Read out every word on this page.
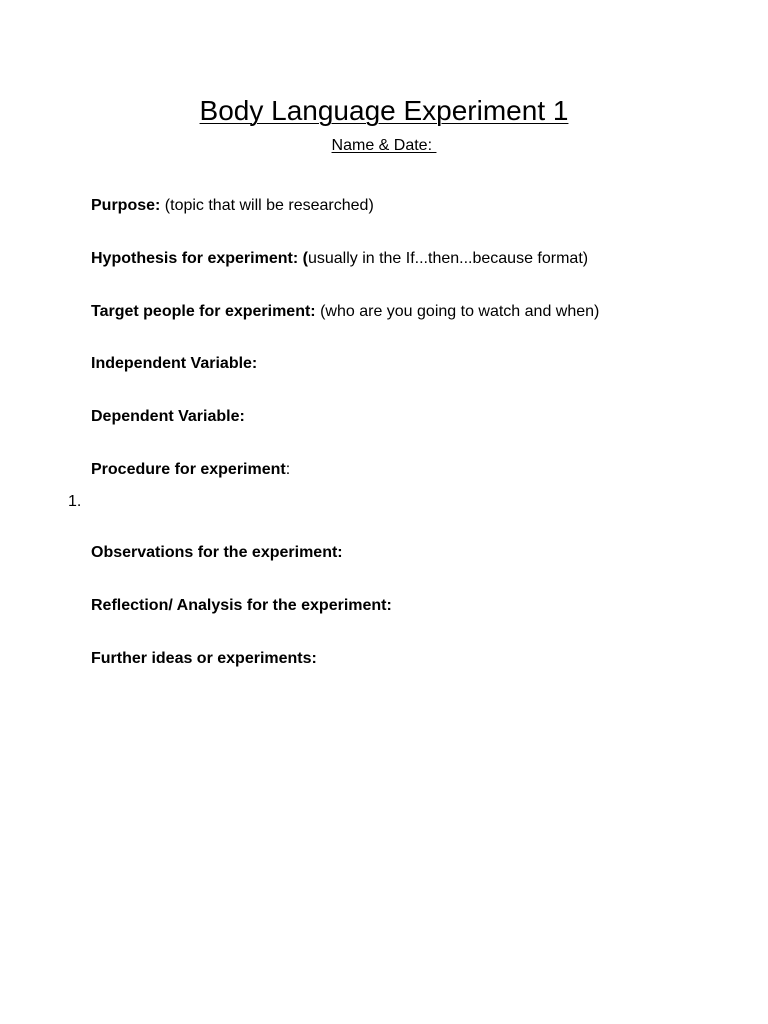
Body Language Experiment 1
Name & Date:
Purpose: (topic that will be researched)
Hypothesis for experiment: (usually in the If...then...because format)
Target people for experiment: (who are you going to watch and when)
Independent Variable:
Dependent Variable:
Procedure for experiment:
1.
Observations for the experiment:
Reflection/ Analysis for the experiment:
Further ideas or experiments:
